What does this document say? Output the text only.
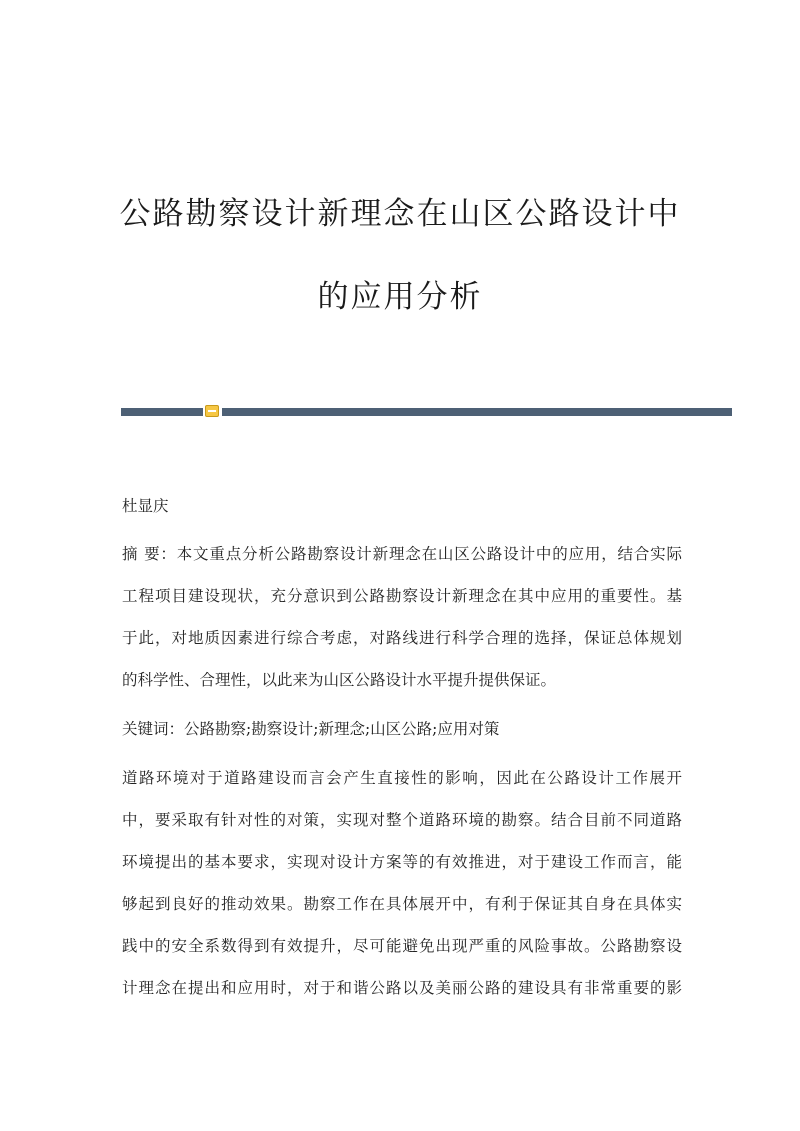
公路勘察设计新理念在山区公路设计中
的应用分析
杜显庆
摘 要：本文重点分析公路勘察设计新理念在山区公路设计中的应用，结合实际
工程项目建设现状，充分意识到公路勘察设计新理念在其中应用的重要性。基
于此，对地质因素进行综合考虑，对路线进行科学合理的选择，保证总体规划
的科学性、合理性，以此来为山区公路设计水平提升提供保证。
关键词：公路勘察;勘察设计;新理念;山区公路;应用对策
道路环境对于道路建设而言会产生直接性的影响，因此在公路设计工作展开
中，要采取有针对性的对策，实现对整个道路环境的勘察。结合目前不同道路
环境提出的基本要求，实现对设计方案等的有效推进，对于建设工作而言，能
够起到良好的推动效果。勘察工作在具体展开中，有利于保证其自身在具体实
践中的安全系数得到有效提升，尽可能避免出现严重的风险事故。公路勘察设
计理念在提出和应用时，对于和谐公路以及美丽公路的建设具有非常重要的影
